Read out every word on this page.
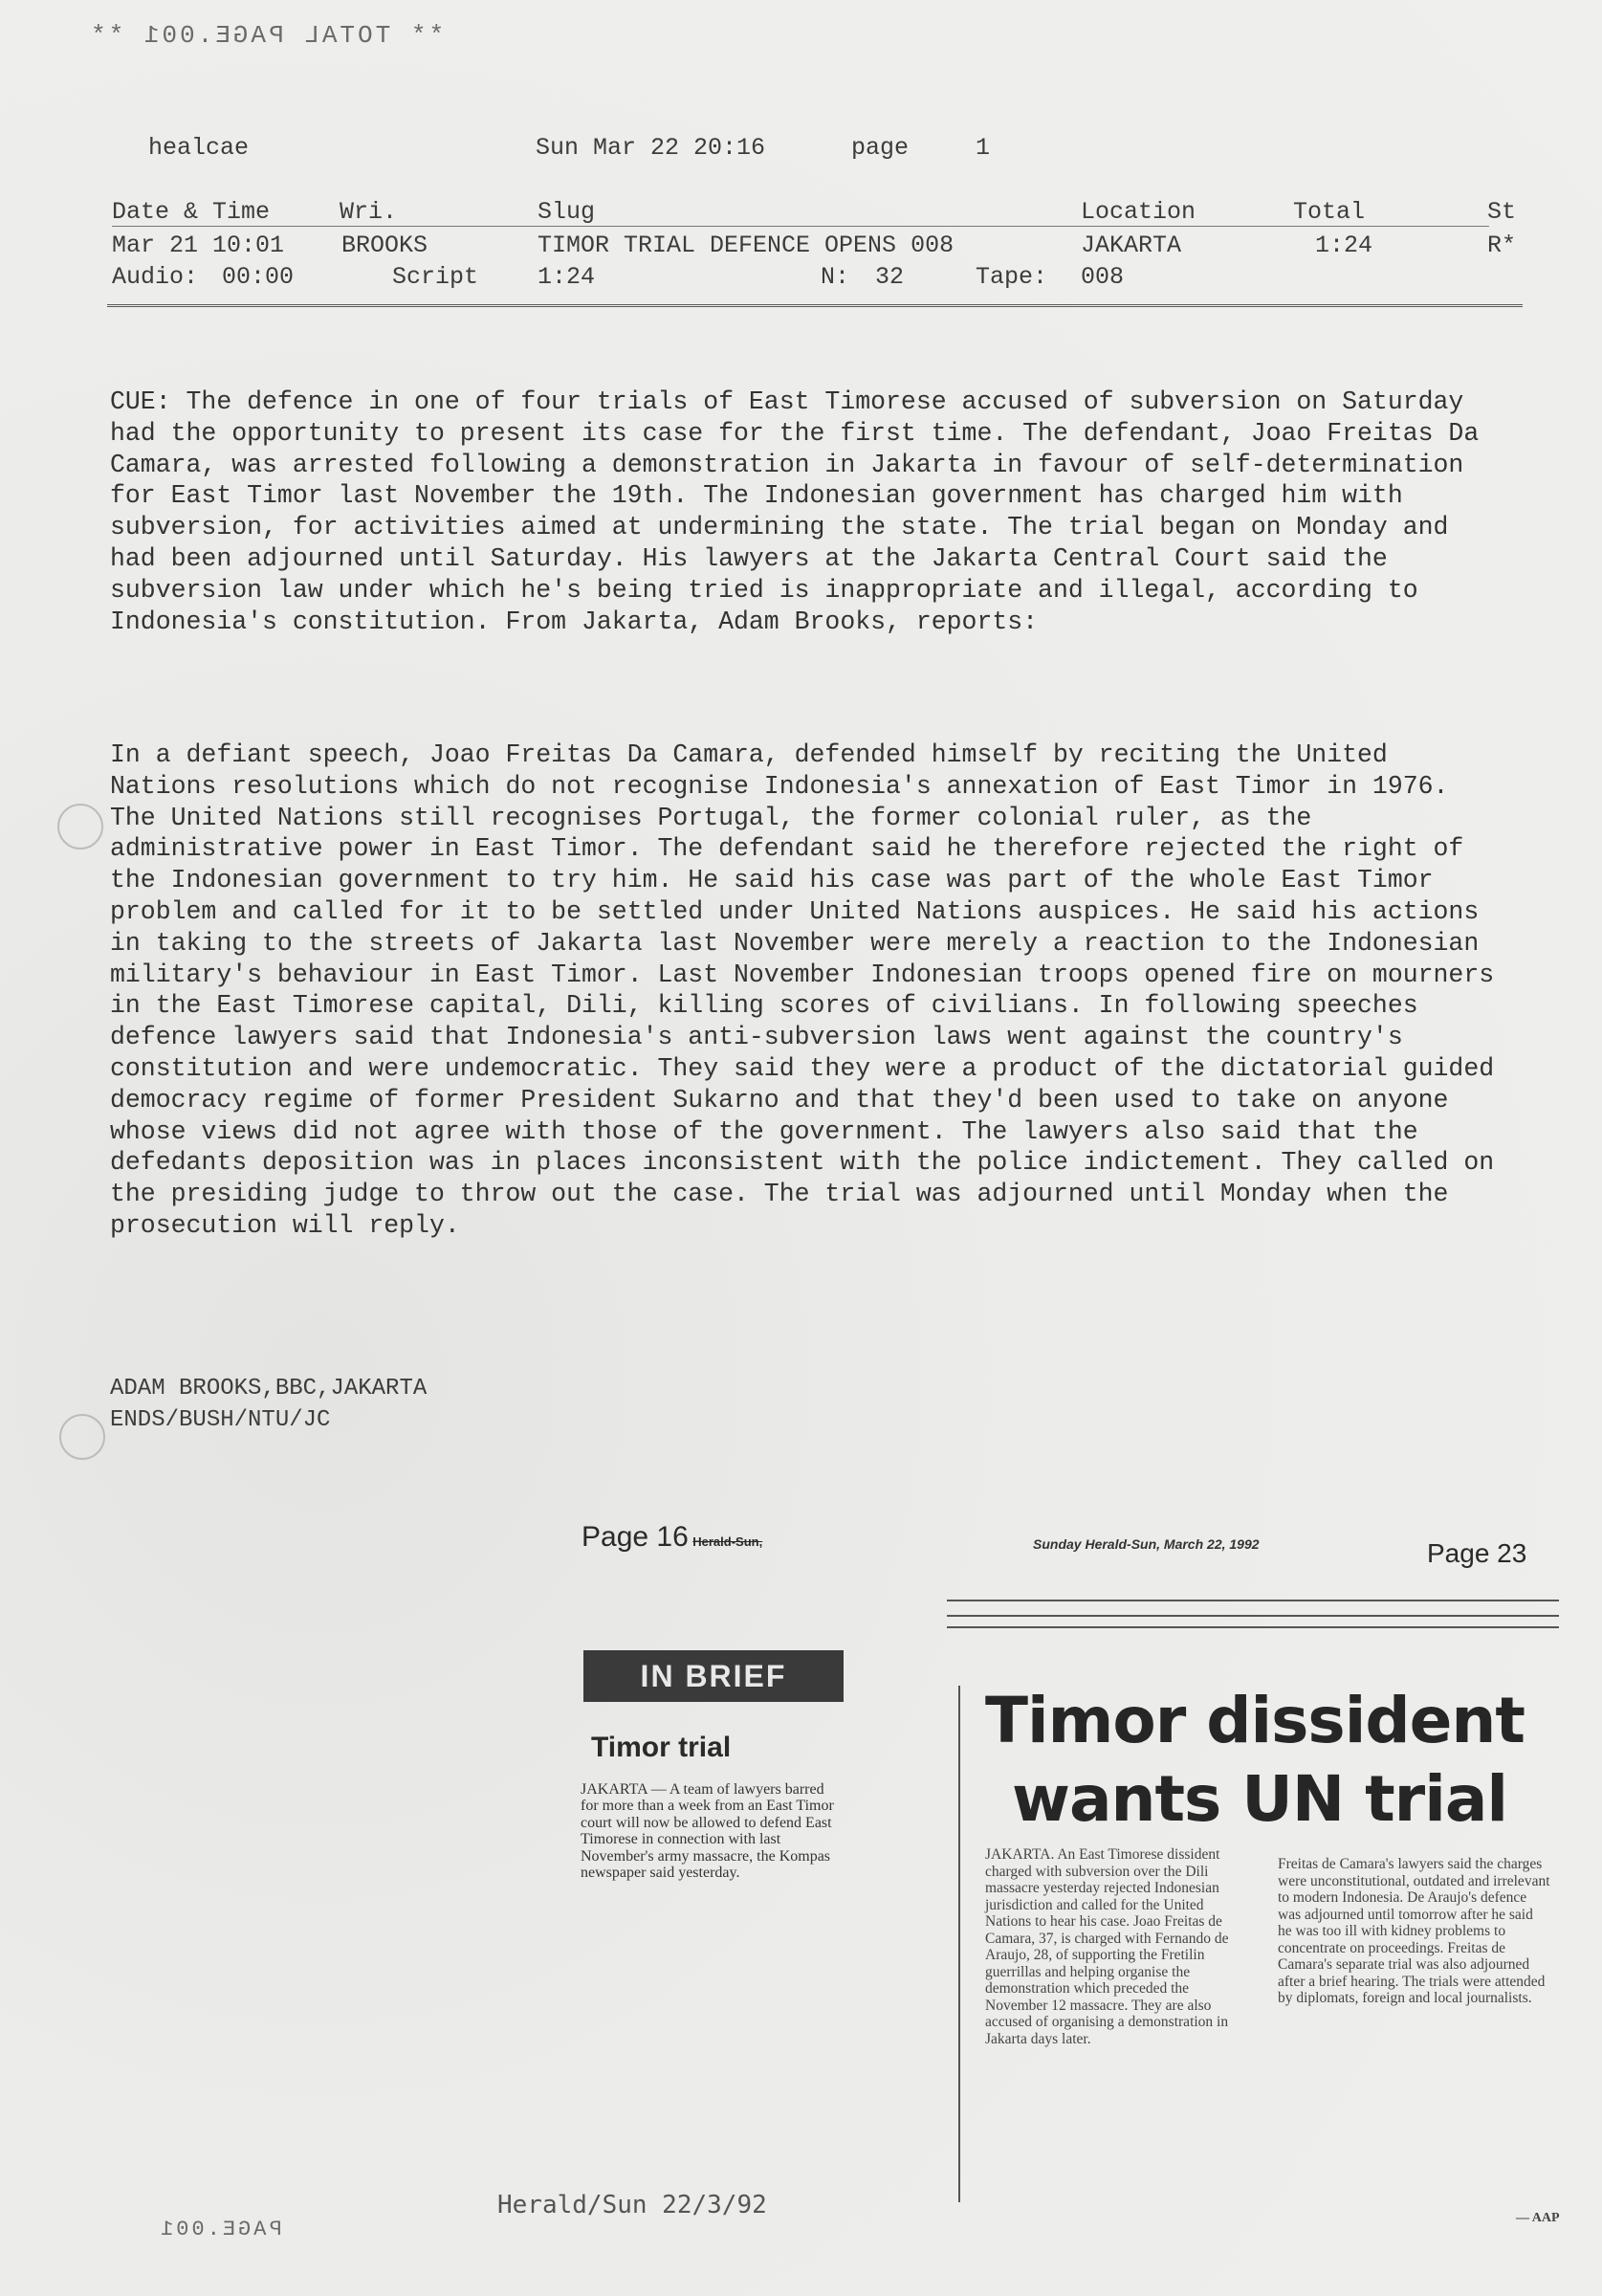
** TOTAL PAGE.001 **
healcae	Sun Mar 22 20:16	page	1
Date & Time	Wri.	Slug	Location	Total	St
Mar 21 10:01 BROOKS	TIMOR TRIAL DEFENCE OPENS 008	JAKARTA	1:24	R*
Audio: 00:00	Script 1:24	N: 32	Tape: 008
CUE: The defence in one of four trials of East Timorese accused of subversion on Saturday had the opportunity to present its case for the first time. The defendant, Joao Freitas Da Camara, was arrested following a demonstration in Jakarta in favour of self-determination for East Timor last November the 19th. The Indonesian government has charged him with subversion, for activities aimed at undermining the state. The trial began on Monday and had been adjourned until Saturday. His lawyers at the Jakarta Central Court said the subversion law under which he's being tried is inappropriate and illegal, according to Indonesia's constitution. From Jakarta, Adam Brooks, reports:
In a defiant speech, Joao Freitas Da Camara, defended himself by reciting the United Nations resolutions which do not recognise Indonesia's annexation of East Timor in 1976. The United Nations still recognises Portugal, the former colonial ruler, as the administrative power in East Timor. The defendant said he therefore rejected the right of the Indonesian government to try him. He said his case was part of the whole East Timor problem and called for it to be settled under United Nations auspices. He said his actions in taking to the streets of Jakarta last November were merely a reaction to the Indonesian military's behaviour in East Timor. Last November Indonesian troops opened fire on mourners in the East Timorese capital, Dili, killing scores of civilians. In following speeches defence lawyers said that Indonesia's anti-subversion laws went against the country's constitution and were undemocratic. They said they were a product of the dictatorial guided democracy regime of former President Sukarno and that they'd been used to take on anyone whose views did not agree with those of the government. The lawyers also said that the defedants deposition was in places inconsistent with the police indictement. They called on the presiding judge to throw out the case. The trial was adjourned until Monday when the prosecution will reply.
ADAM BROOKS,BBC,JAKARTA
ENDS/BUSH/NTU/JC
Page 16 Herald-Sun,
IN BRIEF
Timor trial
JAKARTA — A team of lawyers barred for more than a week from an East Timor court will now be allowed to defend East Timorese in connection with last November's army massacre, the Kompas newspaper said yesterday.
Sunday Herald-Sun, March 22, 1992	Page 23
Timor dissident
wants UN trial
JAKARTA. An East Timorese dissident charged with subversion over the Dili massacre yesterday rejected Indonesian jurisdiction and called for the United Nations to hear his case. Joao Freitas de Camara, 37, is charged with Fernando de Araujo, 28, of supporting the Fretilin guerrillas and helping organise the demonstration which preceded the November 12 massacre. They are also accused of organising a demonstration in Jakarta days later.
Freitas de Camara's lawyers said the charges were unconstitutional, outdated and irrelevant to modern Indonesia. De Araujo's defence was adjourned until tomorrow after he said he was too ill with kidney problems to concentrate on proceedings. Freitas de Camara's separate trial was also adjourned after a brief hearing. The trials were attended by diplomats, foreign and local journalists.
— AAP
Herald/Sun 22/3/92
PAGE.001
